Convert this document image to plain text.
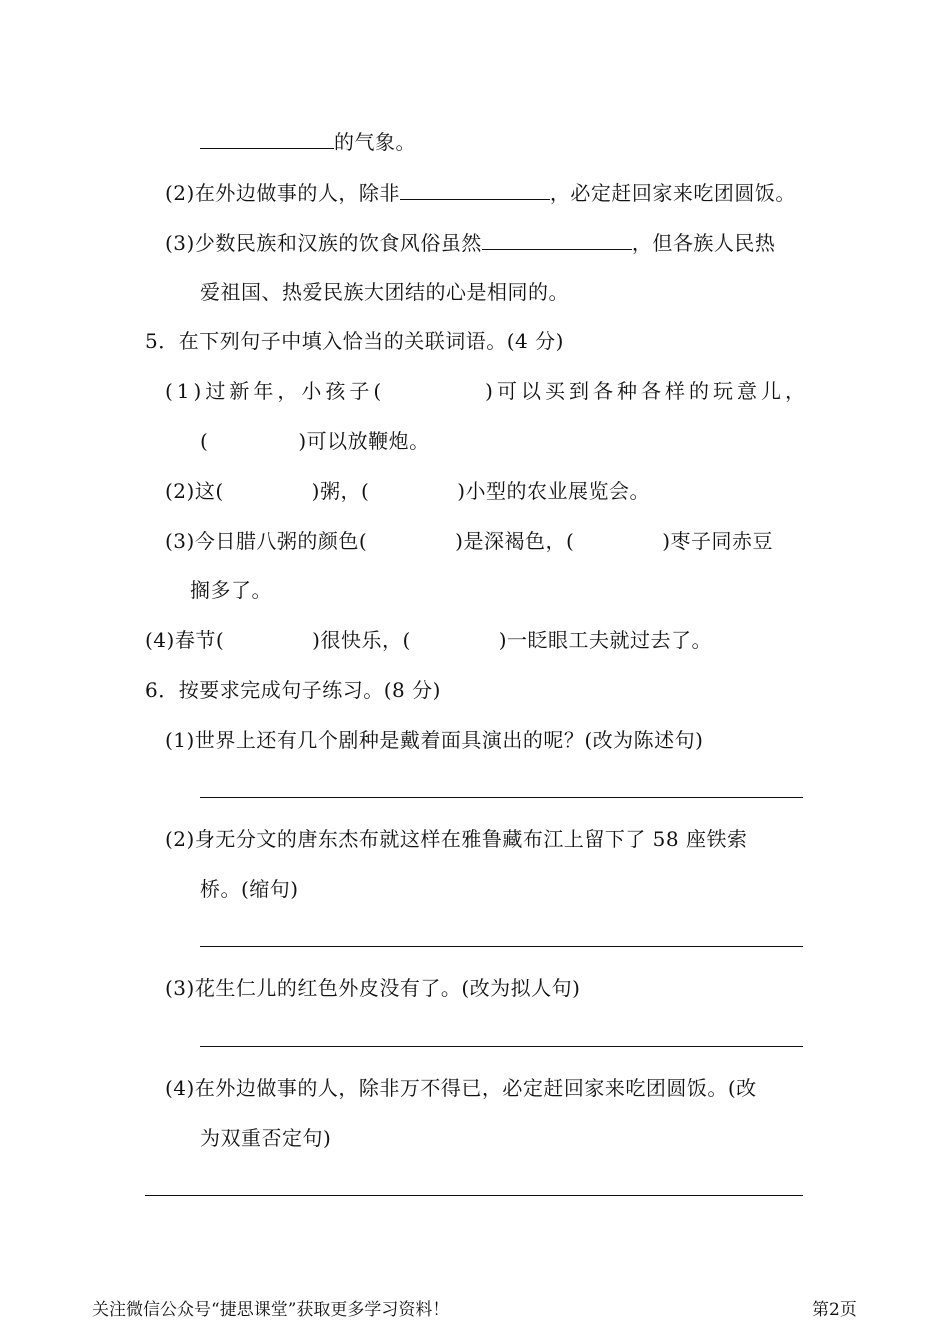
的气象。
(2)在外边做事的人，除非	，必定赶回家来吃团圆饭。
(3)少数民族和汉族的饮食风俗虽然	，但各族人民热
爱祖国、热爱民族大团结的心是相同的。
5．在下列句子中填入恰当的关联词语。(4 分)
(1)过新年，小孩子(	)可以买到各种各样的玩意儿，
(	)可以放鞭炮。
(2)这(	)粥，(	)小型的农业展览会。
(3)今日腊八粥的颜色(	)是深褐色，(	)枣子同赤豆
搁多了。
(4)春节(	)很快乐，(	)一眨眼工夫就过去了。
6．按要求完成句子练习。(8 分)
(1)世界上还有几个剧种是戴着面具演出的呢？(改为陈述句)
(2)身无分文的唐东杰布就这样在雅鲁藏布江上留下了 58 座铁索
桥。(缩句)
(3)花生仁儿的红色外皮没有了。(改为拟人句)
(4)在外边做事的人，除非万不得已，必定赶回家来吃团圆饭。(改
为双重否定句)
关注微信公众号“捷思课堂”获取更多学习资料！	第2页
